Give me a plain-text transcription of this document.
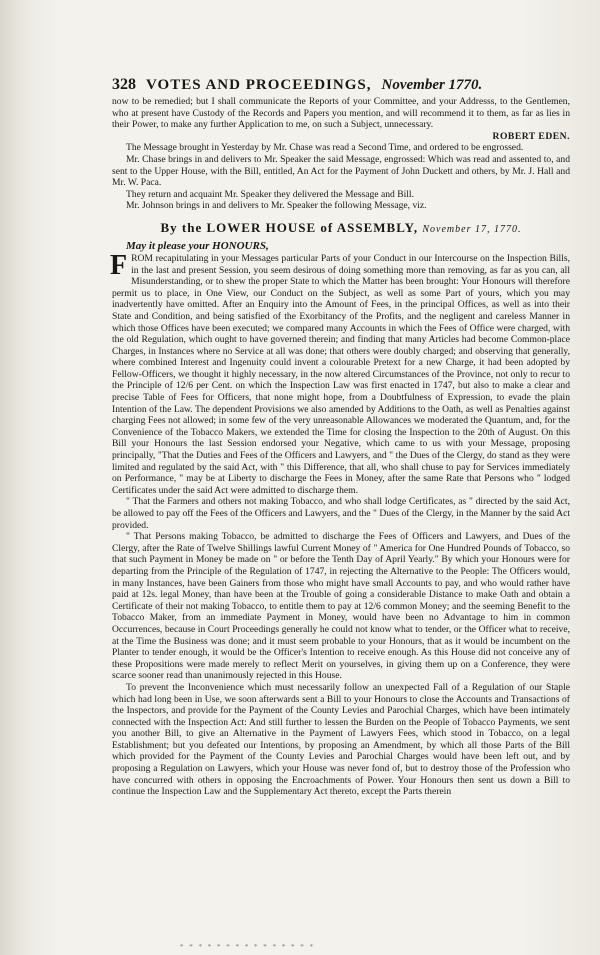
328 VOTES AND PROCEEDINGS, November 1770.

now to be remedied; but I shall communicate the Reports of your Committee, and your Addresss, to the Gentlemen, who at present have Custody of the Records and Papers you mention, and will recommend it to them, as far as lies in their Power, to make any further Application to me, on such a Subject, unnecessary.

ROBERT EDEN.

The Message brought in Yesterday by Mr. Chase was read a Second Time, and ordered to be engrossed.

Mr. Chase brings in and delivers to Mr. Speaker the said Message, engrossed: Which was read and assented to, and sent to the Upper House, with the Bill, entitled, An Act for the Payment of John Duckett and others, by Mr. J. Hall and Mr. W. Paca.

They return and acquaint Mr. Speaker they delivered the Message and Bill.

Mr. Johnson brings in and delivers to Mr. Speaker the following Message, viz.

By the LOWER HOUSE of ASSEMBLY, November 17, 1770.
May it please your HONOURS,

F ROM recapitulating in your Messages particular Parts of your Conduct in our Intercourse on the Inspection Bills, in the last and present Session, you seem desirous of doing something more than removing, as far as you can, all Misunderstanding, or to shew the proper State to which the Matter has been brought: Your Honours will therefore permit us to place, in One View, our Conduct on the Subject, as well as some Part of yours, which you may inadvertently have omitted. After an Enquiry into the Amount of Fees, in the principal Offices, as well as into their State and Condition, and being satisfied of the Exorbitancy of the Profits, and the negligent and careless Manner in which those Offices have been executed; we compared many Accounts in which the Fees of Office were charged, with the old Regulation, which ought to have governed therein; and finding that many Articles had become Common-place Charges, in Instances where no Service at all was done; that others were doubly charged; and observing that generally, where combined Interest and Ingenuity could invent a colourable Pretext for a new Charge, it had been adopted by Fellow-Officers, we thought it highly necessary, in the now altered Circumstances of the Province, not only to recur to the Principle of 12/6 per Cent. on which the Inspection Law was first enacted in 1747, but also to make a clear and precise Table of Fees for Officers, that none might hope, from a Doubtfulness of Expression, to evade the plain Intention of the Law. The dependent Provisions we also amended by Additions to the Oath, as well as Penalties against charging Fees not allowed; in some few of the very unreasonable Allowances we moderated the Quantum, and, for the Convenience of the Tobacco Makers, we extended the Time for closing the Inspection to the 20th of August. On this Bill your Honours the last Session endorsed your Negative, which came to us with your Message, proposing principally, "That the Duties and Fees of the Officers and Lawyers, and " the Dues of the Clergy, do stand as they were limited and regulated by the said Act, with " this Difference, that all, who shall chuse to pay for Services immediately on Performance, " may be at Liberty to discharge the Fees in Money, after the same Rate that Persons who " lodged Certificates under the said Act were admitted to discharge them.

" That the Farmers and others not making Tobacco, and who shall lodge Certificates, as " directed by the said Act, be allowed to pay off the Fees of the Officers and Lawyers, and the " Dues of the Clergy, in the Manner by the said Act provided.

" That Persons making Tobacco, be admitted to discharge the Fees of Officers and Lawyers, and Dues of the Clergy, after the Rate of Twelve Shillings lawful Current Money of " America for One Hundred Pounds of Tobacco, so that such Payment in Money be made on " or before the Tenth Day of April Yearly." By which your Honours were for departing from the Principle of the Regulation of 1747, in rejecting the Alternative to the People: The Officers would, in many Instances, have been Gainers from those who might have small Accounts to pay, and who would rather have paid at 12s. legal Money, than have been at the Trouble of going a considerable Distance to make Oath and obtain a Certificate of their not making Tobacco, to entitle them to pay at 12/6 common Money; and the seeming Benefit to the Tobacco Maker, from an immediate Payment in Money, would have been no Advantage to him in common Occurrences, because in Court Proceedings generally he could not know what to tender, or the Officer what to receive, at the Time the Business was done; and it must seem probable to your Honours, that as it would be incumbent on the Planter to tender enough, it would be the Officer's Intention to receive enough. As this House did not conceive any of these Propositions were made merely to reflect Merit on yourselves, in giving them up on a Conference, they were scarce sooner read than unanimously rejected in this House.

To prevent the Inconvenience which must necessarily follow an unexpected Fall of a Regulation of our Staple which had long been in Use, we soon afterwards sent a Bill to your Honours to close the Accounts and Transactions of the Inspectors, and provide for the Payment of the County Levies and Parochial Charges, which have been intimately connected with the Inspection Act: And still further to lessen the Burden on the People of Tobacco Payments, we sent you another Bill, to give an Alternative in the Payment of Lawyers Fees, which stood in Tobacco, on a legal Establishment; but you defeated our Intentions, by proposing an Amendment, by which all those Parts of the Bill which provided for the Payment of the County Levies and Parochial Charges would have been left out, and by proposing a Regulation on Lawyers, which your House was never fond of, but to destroy those of the Profession who have concurred with others in opposing the Encroachments of Power. Your Honours then sent us down a Bill to continue the Inspection Law and the Supplementary Act thereto, except the Parts therein

* * * * * * * * * * * * * * *
